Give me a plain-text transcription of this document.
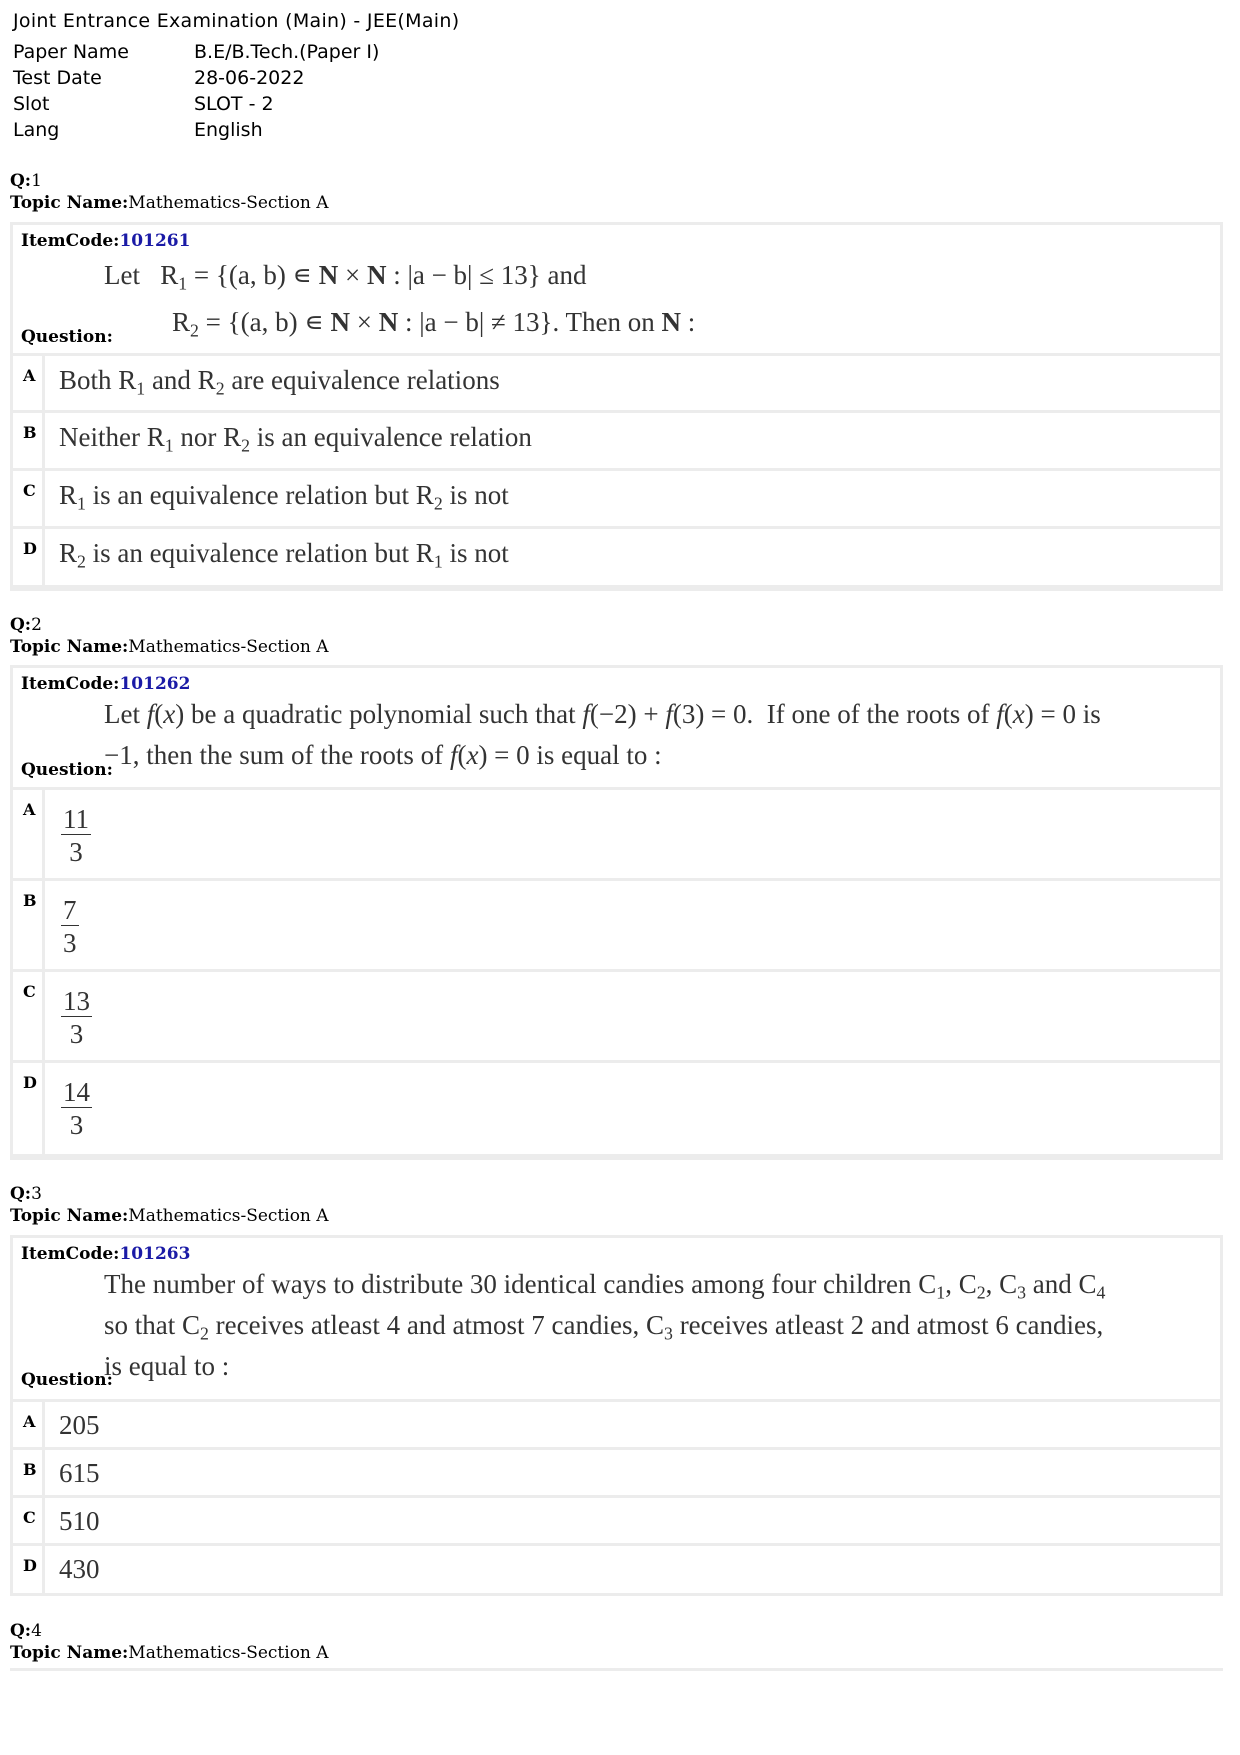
Joint Entrance Examination (Main) - JEE(Main)
Paper Name	B.E/B.Tech.(Paper I)
Test Date	28-06-2022
Slot	SLOT - 2
Lang	English
Q:1
Topic Name:Mathematics-Section A
ItemCode:101261
Let   $R_1 = \{(a$, b) ∊ N × N : |a − b| ≤ 13} and
$R_2 = \{(a$, b) ∊ N × N : |a − b| ≠ 13}. Then on N :
Question:
A Both $R_1$ and $R_2$ are equivalence relations
B Neither $R_1$ nor $R_2$ is an equivalence relation
C $R_1$ is an equivalence relation but $R_2$ is not
D $R_2$ is an equivalence relation but $R_1$ is not
Q:2
Topic Name:Mathematics-Section A
ItemCode:101262
Let f(x) be a quadratic polynomial such that f(−2) + f(3) = 0.  If one of the roots of f(x) = 0 is
−1, then the sum of the roots of f(x) = 0 is equal to :
Question:
A $\frac{11}{3}$
B $\frac{7}{3}$
C $\frac{13}{3}$
D $\frac{14}{3}$
Q:3
Topic Name:Mathematics-Section A
ItemCode:101263
The number of ways to distribute 30 identical candies among four children $C_1$, $C_2$, $C_3$ and $C_4$
so that $C_2$ receives atleast 4 and atmost 7 candies, $C_3$ receives atleast 2 and atmost 6 candies,
is equal to :
Question:
A 205
B 615
C 510
D 430
Q:4
Topic Name:Mathematics-Section A
